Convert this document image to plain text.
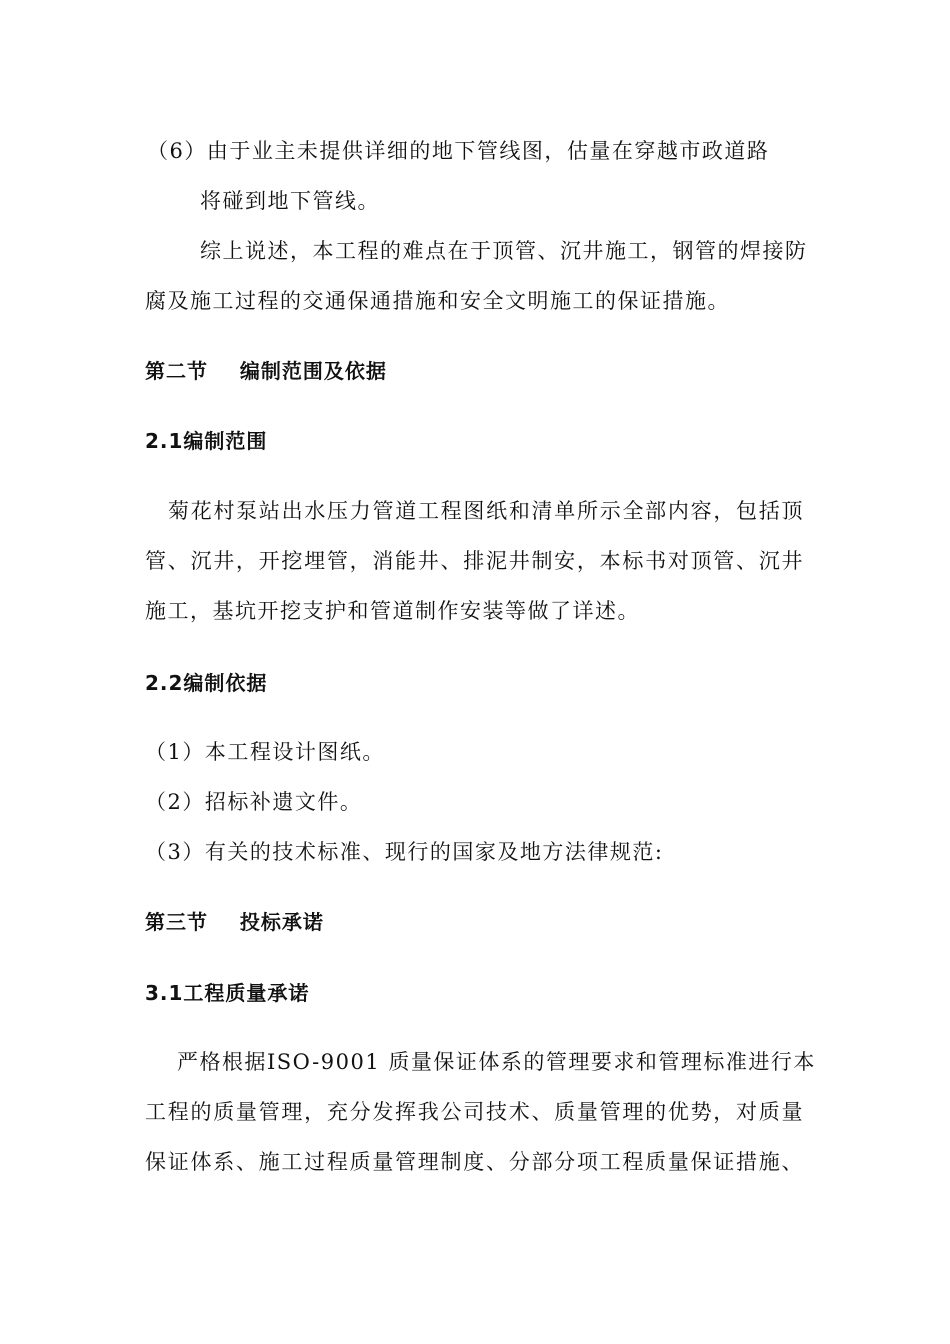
（6）由于业主未提供详细的地下管线图，估量在穿越市政道路
将碰到地下管线。
综上说述，本工程的难点在于顶管、沉井施工，钢管的焊接防
腐及施工过程的交通保通措施和安全文明施工的保证措施。
第二节    编制范围及依据
2.1编制范围
菊花村泵站出水压力管道工程图纸和清单所示全部内容，包括顶
管、沉井，开挖埋管，消能井、排泥井制安，本标书对顶管、沉井
施工，基坑开挖支护和管道制作安装等做了详述。
2.2编制依据
（1）本工程设计图纸。
（2）招标补遗文件。
（3）有关的技术标准、现行的国家及地方法律规范:
第三节    投标承诺
3.1工程质量承诺
严格根据ISO-9001 质量保证体系的管理要求和管理标准进行本
工程的质量管理，充分发挥我公司技术、质量管理的优势，对质量
保证体系、施工过程质量管理制度、分部分项工程质量保证措施、
